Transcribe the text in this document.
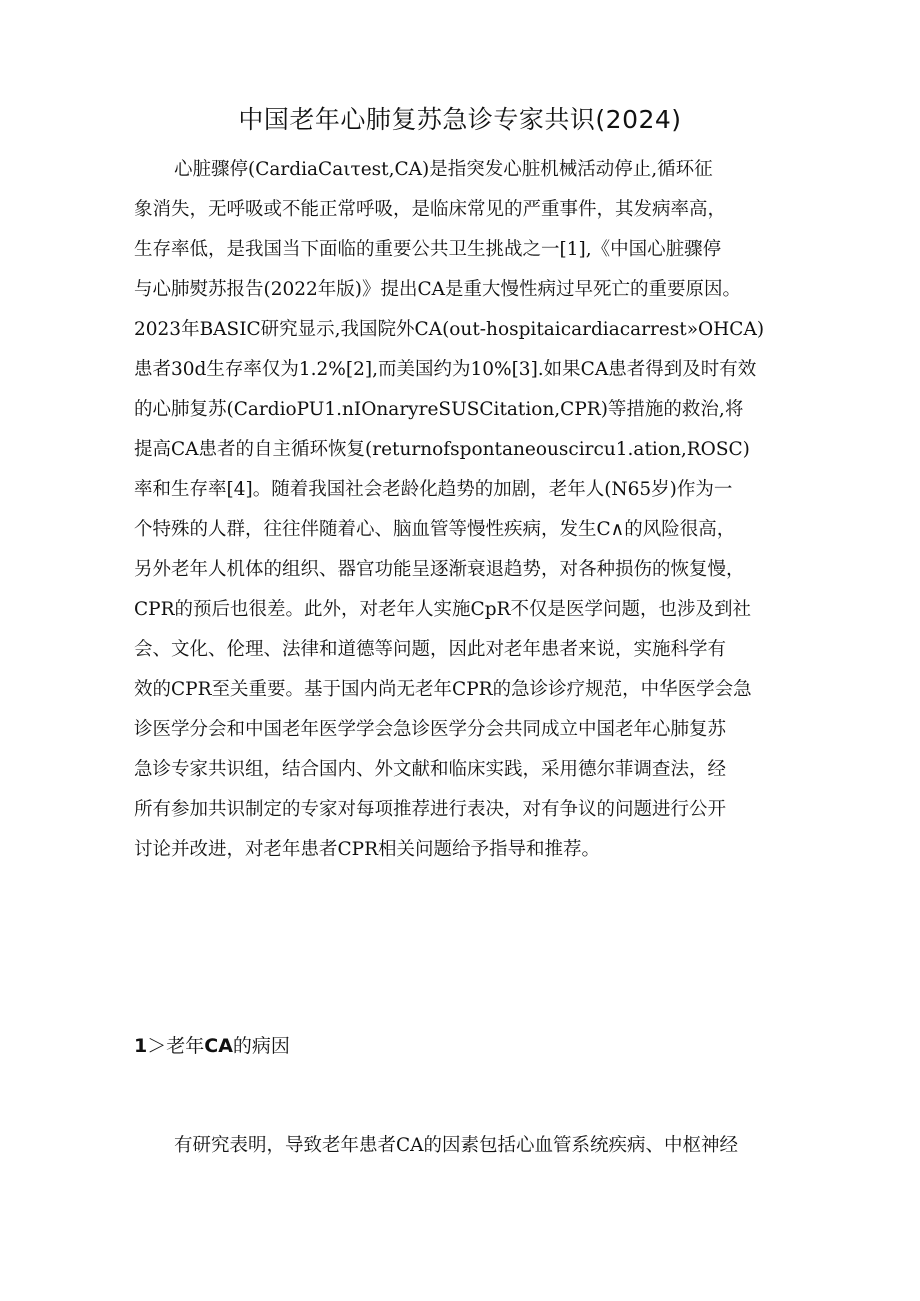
中国老年心肺复苏急诊专家共识(2024)
心脏骤停(CardiaCaιτest,CA)是指突发心脏机械活动停止,循环征
象消失，无呼吸或不能正常呼吸，是临床常见的严重事件，其发病率高，
生存率低，是我国当下面临的重要公共卫生挑战之一[1],《中国心脏骤停
与心肺熨苏报告(2022年版)》提出CA是重大慢性病过早死亡的重要原因。
2023年BASIC研究显示,我国院外CA(out-hospitaicardiacarrest»OHCA)
患者30d生存率仅为1.2%[2],而美国约为10%[3].如果CA患者得到及时有效
的心肺复苏(CardioPU1.nIOnaryreSUSCitation,CPR)等措施的救治,将
提高CA患者的自主循环恢复(returnofspontaneouscircu1.ation,ROSC)
率和生存率[4]。随着我国社会老龄化趋势的加剧，老年人(N65岁)作为一
个特殊的人群，往往伴随着心、脑血管等慢性疾病，发生C∧的风险很高，
另外老年人机体的组织、器官功能呈逐渐衰退趋势，对各种损伤的恢复慢，
CPR的预后也很差。此外，对老年人实施CpR不仅是医学问题，也涉及到社
会、文化、伦理、法律和道德等问题，因此对老年患者来说，实施科学有
效的CPR至关重要。基于国内尚无老年CPR的急诊诊疗规范，中华医学会急
诊医学分会和中国老年医学学会急诊医学分会共同成立中国老年心肺复苏
急诊专家共识组，结合国内、外文献和临床实践，采用德尔菲调查法，经
所有参加共识制定的专家对每项推荐进行表决，对有争议的问题进行公开
讨论并改进，对老年患者CPR相关问题给予指导和推荐。
1＞老年CA的病因
有研究表明，导致老年患者CA的因素包括心血管系统疾病、中枢神经
